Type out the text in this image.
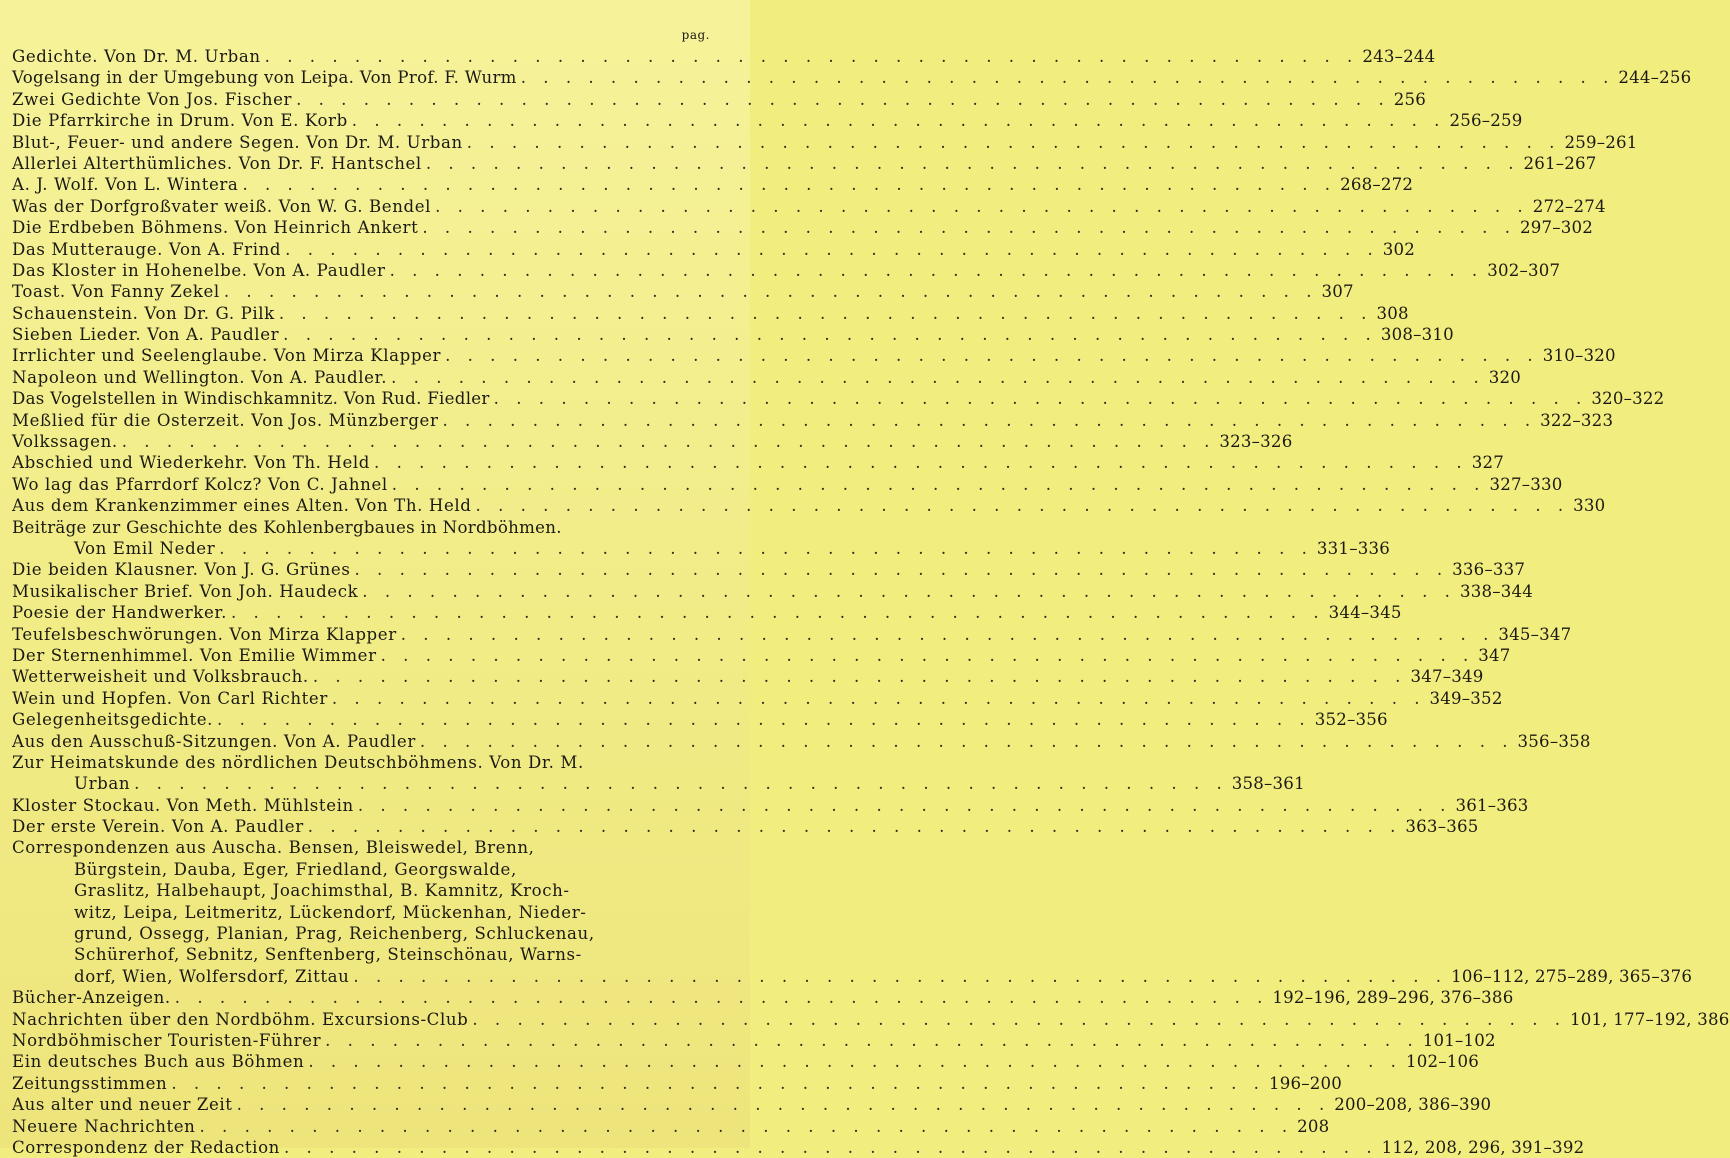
pag.
Gedichte. Von Dr. M. Urban . . .	243–244
Vogelsang in der Umgebung von Leipa. Von Prof. F. Wurm . . .	244–256
Zwei Gedichte Von Jos. Fischer . . .	256
Die Pfarrkirche in Drum. Von E. Korb . . .	256–259
Blut-, Feuer- und andere Segen. Von Dr. M. Urban . . .	259–261
Allerlei Alterthümliches. Von Dr. F. Hantschel . . .	261–267
A. J. Wolf. Von L. Wintera . . .	268–272
Was der Dorfgroßvater weiß. Von W. G. Bendel . . .	272–274
Die Erdbeben Böhmens. Von Heinrich Ankert . . .	297–302
Das Mutterauge. Von A. Frind . . .	302
Das Kloster in Hohenelbe. Von A. Paudler . . .	302–307
Toast. Von Fanny Zekel . . .	307
Schauenstein. Von Dr. G. Pilk . . .	308
Sieben Lieder. Von A. Paudler . . .	308–310
Irrlichter und Seelenglaube. Von Mirza Klapper . . .	310–320
Napoleon und Wellington. Von A. Paudler. . . .	320
Das Vogelstellen in Windischkamnitz. Von Rud. Fiedler . . .	320–322
Meßlied für die Osterzeit. Von Jos. Münzberger . . .	322–323
Volkssagen. . . .	323–326
Abschied und Wiederkehr. Von Th. Held . . .	327
Wo lag das Pfarrdorf Kolcz? Von C. Jahnel . . .	327–330
Aus dem Krankenzimmer eines Alten. Von Th. Held . . .	330
Beiträge zur Geschichte des Kohlenbergbaues in Nordböhmen.
Von Emil Neder . . .	331–336
Die beiden Klausner. Von J. G. Grünes . . .	336–337
Musikalischer Brief. Von Joh. Haudeck . . .	338–344
Poesie der Handwerker. . . .	344–345
Teufelsbeschwörungen. Von Mirza Klapper . . .	345–347
Der Sternenhimmel. Von Emilie Wimmer . . .	347
Wetterweisheit und Volksbrauch. . . .	347–349
Wein und Hopfen. Von Carl Richter . . .	349–352
Gelegenheitsgedichte. . . .	352–356
Aus den Ausschuß-Sitzungen. Von A. Paudler . . .	356–358
Zur Heimatskunde des nördlichen Deutschböhmens. Von Dr. M.
Urban . . .	358–361
Kloster Stockau. Von Meth. Mühlstein . . .	361–363
Der erste Verein. Von A. Paudler . . .	363–365
Correspondenzen aus Auscha. Bensen, Bleiswedel, Brenn,
Bürgstein, Dauba, Eger, Friedland, Georgswalde,
Graslitz, Halbehaupt, Joachimsthal, B. Kamnitz, Kroch-
witz, Leipa, Leitmeritz, Lückendorf, Mückenhan, Nieder-
grund, Ossegg, Planian, Prag, Reichenberg, Schluckenau,
Schürerhof, Sebnitz, Senftenberg, Steinschönau, Warns-
dorf, Wien, Wolfersdorf, Zittau . . .	106–112, 275–289, 365–376
Bücher-Anzeigen. . . .	192–196, 289–296, 376–386
Nachrichten über den Nordböhm. Excursions-Club . . .	101, 177–192, 386
Nordböhmischer Touristen-Führer . . .	101–102
Ein deutsches Buch aus Böhmen . . .	102–106
Zeitungsstimmen . . .	196–200
Aus alter und neuer Zeit . . .	200–208, 386–390
Neuere Nachrichten . . .	208
Correspondenz der Redaction . . .	112, 208, 296, 391–392
